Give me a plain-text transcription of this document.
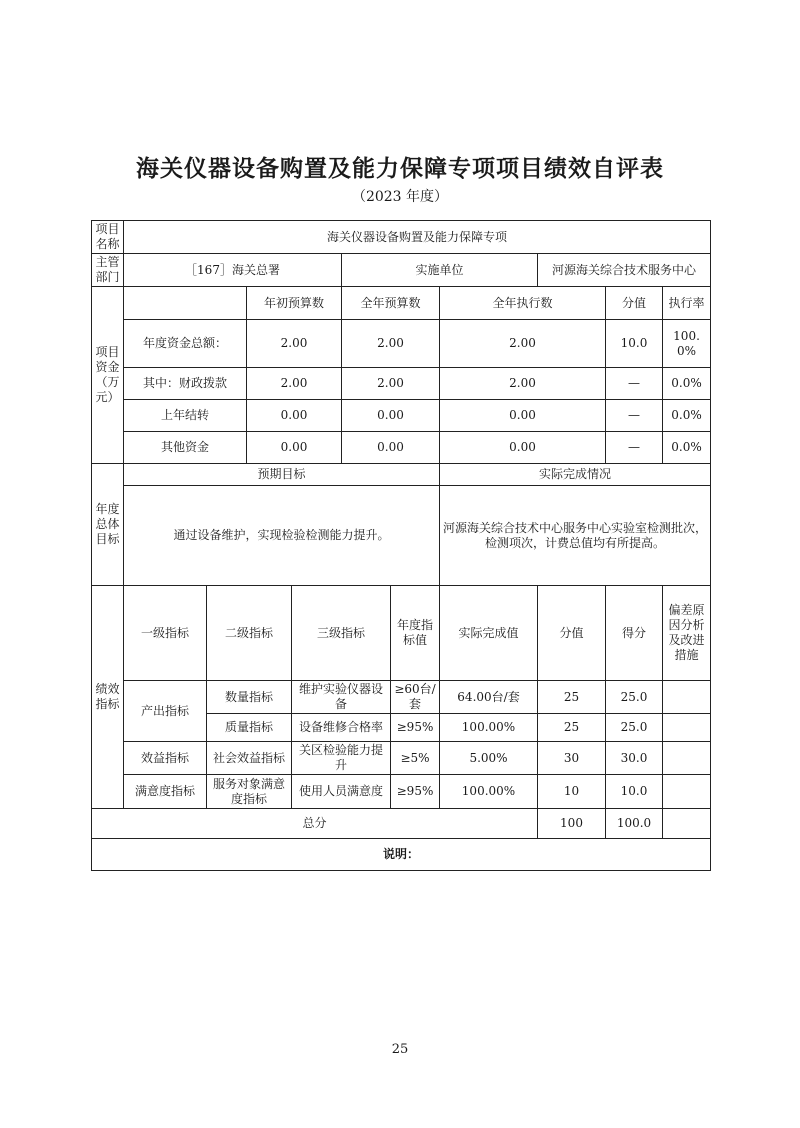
海关仪器设备购置及能力保障专项项目绩效自评表
（2023 年度）
项目名称	海关仪器设备购置及能力保障专项										
主管部门	［167］海关总署				实施单位			河源海关综合技术服务中心			
项目资金（万元）			年初预算数		全年预算数		全年执行数		分值	执行率	
	年度资金总额：		2.00		2.00		2.00		10.0	100.0%	
	其中：财政拨款		2.00		2.00		2.00		—	0.0%	
	上年结转		0.00		0.00		0.00		—	0.0%	
	其他资金		0.00		0.00		0.00		—	0.0%	
年度总体目标	预期目标						实际完成情况				
	通过设备维护，实现检验检测能力提升。						河源海关综合技术中心服务中心实验室检测批次，检测项次，计费总值均有所提高。				
绩效指标	一级指标	二级指标		三级指标		年度指标值	实际完成值	分值	得分	偏差原因分析及改进措施	
	产出指标	数量指标		维护实验仪器设备		≥60台/套	64.00台/套	25	25.0		
		质量指标		设备维修合格率		≥95%	100.00%	25	25.0		
	效益指标	社会效益指标		关区检验能力提升		≥5%	5.00%	30	30.0		
	满意度指标	服务对象满意度指标		使用人员满意度		≥95%	100.00%	10	10.0		
总分								100	100.0		
说明：											
25
